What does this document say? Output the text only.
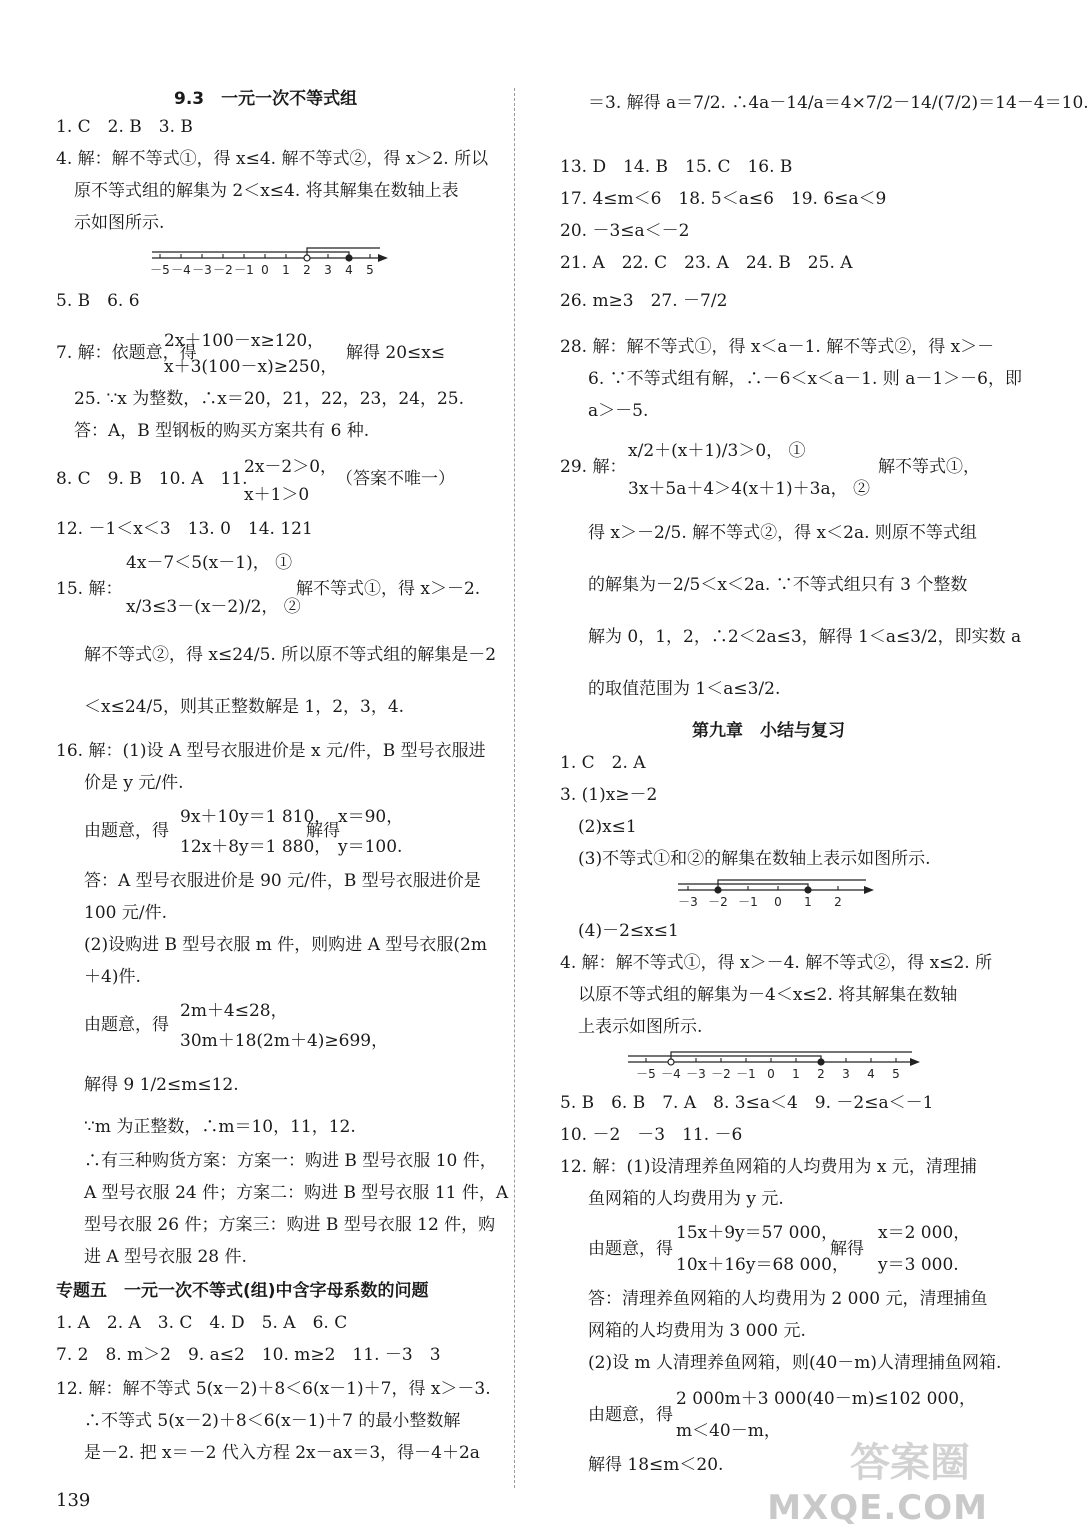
9.3　一元一次不等式组
1. C　2. B　3. B
4. 解：解不等式①，得 x≤4. 解不等式②，得 x＞2. 所以
原不等式组的解集为 2＜x≤4. 将其解集在数轴上表
示如图所示.
5. B　6. 6
2x＋100－x≥120，
7. 解：依题意，得	解得 20≤x≤
x＋3(100－x)≥250，
25. ∵x 为整数，∴x＝20，21，22，23，24，25.
答：A，B 型钢板的购买方案共有 6 种.
2x－2＞0，
8. C　9. B　10. A　11.	（答案不唯一）
x＋1＞0
12. －1＜x＜3　13. 0　14. 121
4x－7＜5(x－1)， ①
15. 解：	解不等式①，得 x＞－2.
x/3≤3－(x－2)/2， ②
解不等式②，得 x≤24/5. 所以原不等式组的解集是－2
＜x≤24/5，则其正整数解是 1，2，3，4.
16. 解：(1)设 A 型号衣服进价是 x 元/件，B 型号衣服进
价是 y 元/件.
9x＋10y＝1 810， x＝90，
由题意，得	解得
12x＋8y＝1 880， y＝100.
答：A 型号衣服进价是 90 元/件，B 型号衣服进价是
100 元/件.
(2)设购进 B 型号衣服 m 件，则购进 A 型号衣服(2m
＋4)件.
2m＋4≤28，
由题意，得
30m＋18(2m＋4)≥699，
解得 9 1/2≤m≤12.
∵m 为正整数，∴m＝10，11，12.
∴有三种购货方案：方案一：购进 B 型号衣服 10 件，
A 型号衣服 24 件；方案二：购进 B 型号衣服 11 件，A
型号衣服 26 件；方案三：购进 B 型号衣服 12 件，购
进 A 型号衣服 28 件.
专题五　一元一次不等式(组)中含字母系数的问题
1. A　2. A　3. C　4. D　5. A　6. C
7. 2　8. m＞2　9. a≤2　10. m≥2　11. －3　3
12. 解：解不等式 5(x－2)＋8＜6(x－1)＋7，得 x＞－3.
∴不等式 5(x－2)＋8＜6(x－1)＋7 的最小整数解
是－2. 把 x＝－2 代入方程 2x－ax＝3，得－4＋2a
＝3. 解得 a＝7/2. ∴4a－14/a＝4×7/2－14/(7/2)＝14－4＝10.
13. D　14. B　15. C　16. B
17. 4≤m＜6　18. 5＜a≤6　19. 6≤a＜9
20. －3≤a＜－2
21. A　22. C　23. A　24. B　25. A
26. m≥3　27. －7/2
28. 解：解不等式①，得 x＜a－1. 解不等式②，得 x＞－
6. ∵不等式组有解，∴－6＜x＜a－1. 则 a－1＞－6，即
a＞－5.
x/2＋(x＋1)/3＞0， ①
29. 解：	解不等式①，
3x＋5a＋4＞4(x＋1)＋3a， ②
得 x＞－2/5. 解不等式②，得 x＜2a. 则原不等式组
的解集为－2/5＜x＜2a. ∵不等式组只有 3 个整数
解为 0，1，2，∴2＜2a≤3，解得 1＜a≤3/2，即实数 a
的取值范围为 1＜a≤3/2.
第九章　小结与复习
1. C　2. A
3. (1)x≥－2
(2)x≤1
(3)不等式①和②的解集在数轴上表示如图所示.
(4)－2≤x≤1
4. 解：解不等式①，得 x＞－4. 解不等式②，得 x≤2. 所
以原不等式组的解集为－4＜x≤2. 将其解集在数轴
上表示如图所示.
5. B　6. B　7. A　8. 3≤a＜4　9. －2≤a＜－1
10. －2　－3　11. －6
12. 解：(1)设清理养鱼网箱的人均费用为 x 元，清理捕
鱼网箱的人均费用为 y 元.
15x＋9y＝57 000， x＝2 000，
由题意，得	解得
10x＋16y＝68 000， y＝3 000.
答：清理养鱼网箱的人均费用为 2 000 元，清理捕鱼
网箱的人均费用为 3 000 元.
(2)设 m 人清理养鱼网箱，则(40－m)人清理捕鱼网箱.
2 000m＋3 000(40－m)≤102 000，
由题意，得
m＜40－m，
解得 18≤m＜20.
－5 －4 －3 －2 －1 0 1 2 3 4 5
－3 －2 －1 0 1 2
－5 －4 －3 －2 －1 0 1 2 3 4 5
139
答案圈
MXQE.COM
